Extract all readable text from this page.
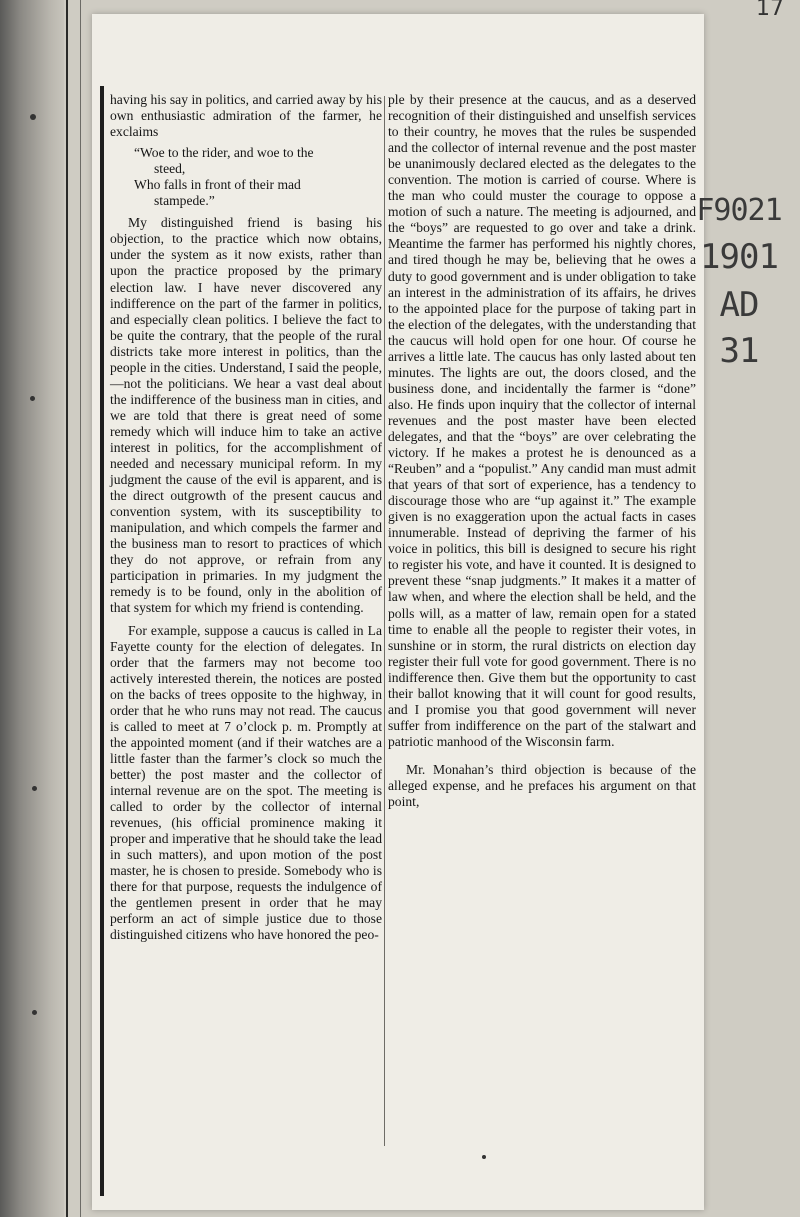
17
F9021
1901
AD
31

having his say in politics, and carried away by his own enthusiastic admiration of the farmer, he exclaims

“Woe to the rider, and woe to the
steed,
Who falls in front of their mad
stampede.”

My distinguished friend is basing his objection, to the practice which now obtains, under the system as it now exists, rather than upon the practice proposed by the primary election law. I have never discovered any indifference on the part of the farmer in politics, and especially clean politics. I believe the fact to be quite the contrary, that the people of the rural districts take more interest in politics, than the people in the cities. Understand, I said the people,—not the politicians. We hear a vast deal about the indifference of the business man in cities, and we are told that there is great need of some remedy which will induce him to take an active interest in politics, for the accomplishment of needed and necessary municipal reform. In my judgment the cause of the evil is apparent, and is the direct outgrowth of the present caucus and convention system, with its susceptibility to manipulation, and which compels the farmer and the business man to resort to practices of which they do not approve, or refrain from any participation in primaries. In my judgment the remedy is to be found, only in the abolition of that system for which my friend is contending.

For example, suppose a caucus is called in La Fayette county for the election of delegates. In order that the farmers may not become too actively interested therein, the notices are posted on the backs of trees opposite to the highway, in order that he who runs may not read. The caucus is called to meet at 7 o’clock p. m. Promptly at the appointed moment (and if their watches are a little faster than the farmer’s clock so much the better) the post master and the collector of internal revenue are on the spot. The meeting is called to order by the collector of internal revenues, (his official prominence making it proper and imperative that he should take the lead in such matters), and upon motion of the post master, he is chosen to preside. Somebody who is there for that purpose, requests the indulgence of the gentlemen present in order that he may perform an act of simple justice due to those distinguished citizens who have honored the peo-

ple by their presence at the caucus, and as a deserved recognition of their distinguished and unselfish services to their country, he moves that the rules be suspended and the collector of internal revenue and the post master be unanimously declared elected as the delegates to the convention. The motion is carried of course. Where is the man who could muster the courage to oppose a motion of such a nature. The meeting is adjourned, and the “boys” are requested to go over and take a drink. Meantime the farmer has performed his nightly chores, and tired though he may be, believing that he owes a duty to good government and is under obligation to take an interest in the administration of its affairs, he drives to the appointed place for the purpose of taking part in the election of the delegates, with the understanding that the caucus will hold open for one hour. Of course he arrives a little late. The caucus has only lasted about ten minutes. The lights are out, the doors closed, and the business done, and incidentally the farmer is “done” also. He finds upon inquiry that the collector of internal revenues and the post master have been elected delegates, and that the “boys” are over celebrating the victory. If he makes a protest he is denounced as a “Reuben” and a “populist.” Any candid man must admit that years of that sort of experience, has a tendency to discourage those who are “up against it.” The example given is no exaggeration upon the actual facts in cases innumerable. Instead of depriving the farmer of his voice in politics, this bill is designed to secure his right to register his vote, and have it counted. It is designed to prevent these “snap judgments.” It makes it a matter of law when, and where the election shall be held, and the polls will, as a matter of law, remain open for a stated time to enable all the people to register their votes, in sunshine or in storm, the rural districts on election day register their full vote for good government. There is no indifference then. Give them but the opportunity to cast their ballot knowing that it will count for good results, and I promise you that good government will never suffer from indifference on the part of the stalwart and patriotic manhood of the Wisconsin farm.

Mr. Monahan’s third objection is because of the alleged expense, and he prefaces his argument on that point,
